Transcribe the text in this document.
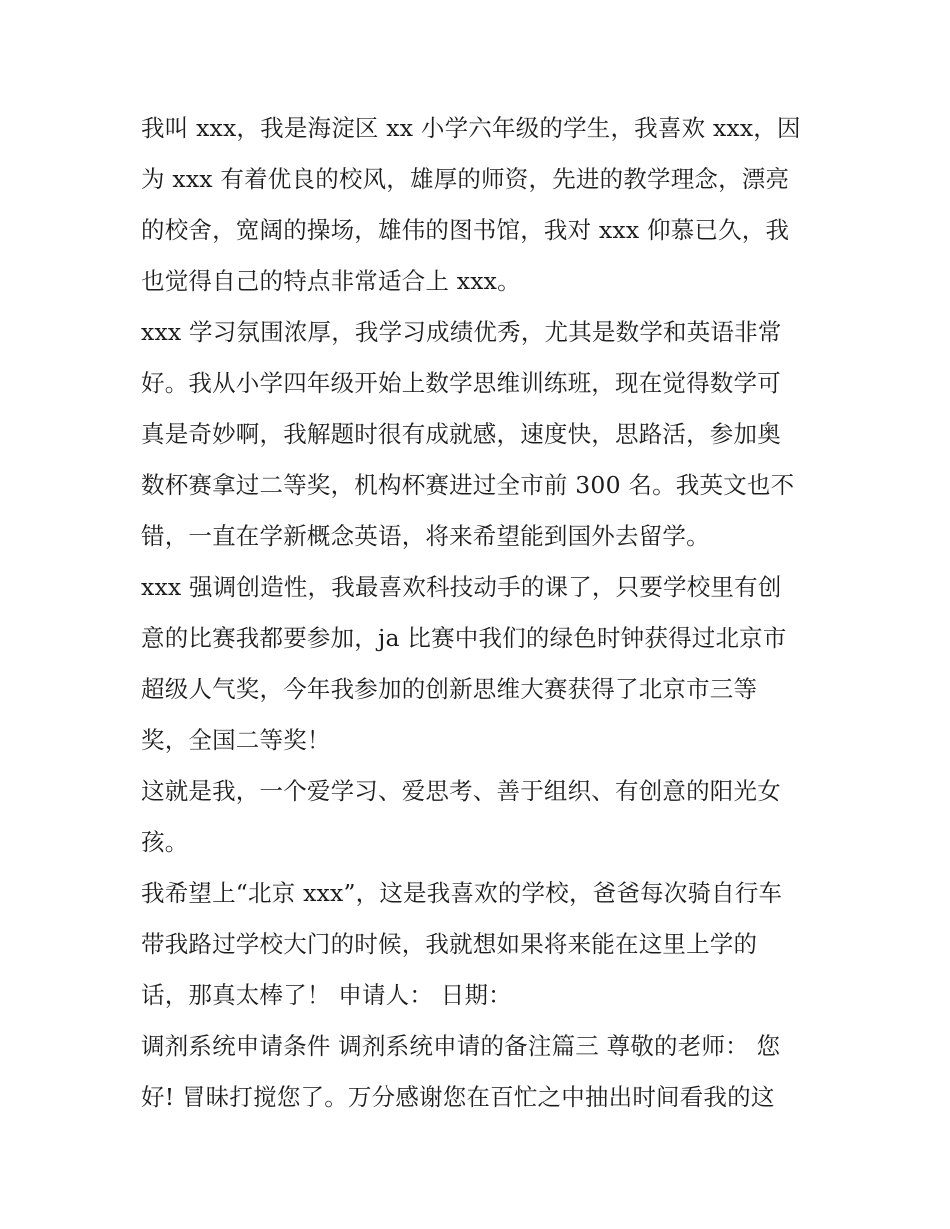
我叫 xxx，我是海淀区 xx 小学六年级的学生，我喜欢 xxx，因
为 xxx 有着优良的校风，雄厚的师资，先进的教学理念，漂亮
的校舍，宽阔的操场，雄伟的图书馆，我对 xxx 仰慕已久，我
也觉得自己的特点非常适合上 xxx。
xxx 学习氛围浓厚，我学习成绩优秀，尤其是数学和英语非常
好。我从小学四年级开始上数学思维训练班，现在觉得数学可
真是奇妙啊，我解题时很有成就感，速度快，思路活，参加奥
数杯赛拿过二等奖，机构杯赛进过全市前 300 名。我英文也不
错，一直在学新概念英语，将来希望能到国外去留学。
xxx 强调创造性，我最喜欢科技动手的课了，只要学校里有创
意的比赛我都要参加，ja 比赛中我们的绿色时钟获得过北京市
超级人气奖，今年我参加的创新思维大赛获得了北京市三等
奖，全国二等奖！
这就是我，一个爱学习、爱思考、善于组织、有创意的阳光女
孩。
我希望上“北京 xxx”，这是我喜欢的学校，爸爸每次骑自行车
带我路过学校大门的时候，我就想如果将来能在这里上学的
话，那真太棒了！ 申请人： 日期：
调剂系统申请条件 调剂系统申请的备注篇三 尊敬的老师： 您
好! 冒昧打搅您了。万分感谢您在百忙之中抽出时间看我的这
